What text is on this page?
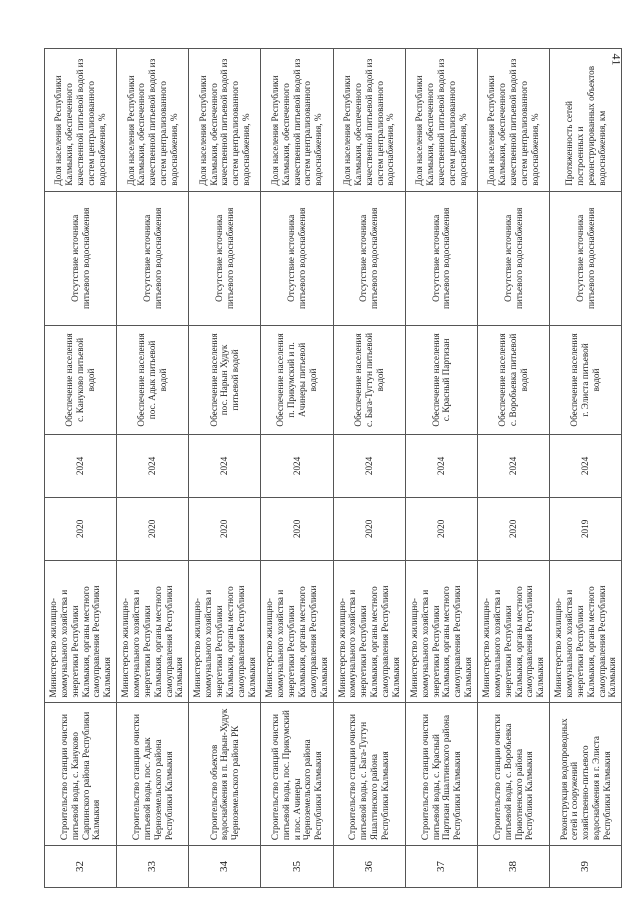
41
32	Строительство станции очистки питьевой воды, с. Кануково Сарпинского района Республики Калмыкия	Министерство жилищно-коммунального хозяйства и энергетики Республики Калмыкия, органы местного самоуправления Республики Калмыкия	2020	2024	Обеспечение населения с. Кануково питьевой водой	Отсутствие источника питьевого водоснабжения	Доля населения Республики Калмыкия, обеспеченного качественной питьевой водой из систем централизованного водоснабжения, %
33	Строительство станции очистки питьевой воды, пос. Адык Черноземельского района Республики Калмыкия	Министерство жилищно-коммунального хозяйства и энергетики Республики Калмыкия, органы местного самоуправления Республики Калмыкия	2020	2024	Обеспечение населения пос. Адык питьевой водой	Отсутствие источника питьевого водоснабжения	Доля населения Республики Калмыкия, обеспеченного качественной питьевой водой из систем централизованного водоснабжения, %
34	Строительство объектов водоснабжения в п. Нарын-Худук Черноземельского района РК	Министерство жилищно-коммунального хозяйства и энергетики Республики Калмыкия, органы местного самоуправления Республики Калмыкия	2020	2024	Обеспечение населения пос. Нарын Худук питьевой водой	Отсутствие источника питьевого водоснабжения	Доля населения Республики Калмыкия, обеспеченного качественной питьевой водой из систем централизованного водоснабжения, %
35	Строительство станций очистки питьевой воды, пос. Прикумский и пос. Ачинеры Черноземельского района Республики Калмыкия	Министерство жилищно-коммунального хозяйства и энергетики Республики Калмыкия, органы местного самоуправления Республики Калмыкия	2020	2024	Обеспечение населения п. Прикумский и п. Ачинеры питьевой водой	Отсутствие источника питьевого водоснабжения	Доля населения Республики Калмыкия, обеспеченного качественной питьевой водой из систем централизованного водоснабжения, %
36	Строительство станции очистки питьевой воды, с. Бага-Тугтун Яшалтинского района Республики Калмыкия	Министерство жилищно-коммунального хозяйства и энергетики Республики Калмыкия, органы местного самоуправления Республики Калмыкия	2020	2024	Обеспечение населения с. Бага-Тугтун питьевой водой	Отсутствие источника питьевого водоснабжения	Доля населения Республики Калмыкия, обеспеченного качественной питьевой водой из систем централизованного водоснабжения, %
37	Строительство станции очистки питьевой воды, с. Красный Партизан Яшалтинского района Республики Калмыкия	Министерство жилищно-коммунального хозяйства и энергетики Республики Калмыкия, органы местного самоуправления Республики Калмыкия	2020	2024	Обеспечение населения с. Красный Партизан	Отсутствие источника питьевого водоснабжения	Доля населения Республики Калмыкия, обеспеченного качественной питьевой водой из систем централизованного водоснабжения, %
38	Строительство станции очистки питьевой воды, с. Воробьевка Приютненского района Республики Калмыкия	Министерство жилищно-коммунального хозяйства и энергетики Республики Калмыкия, органы местного самоуправления Республики Калмыкия	2020	2024	Обеспечение населения с. Воробьевка питьевой водой	Отсутствие источника питьевого водоснабжения	Доля населения Республики Калмыкия, обеспеченного качественной питьевой водой из систем централизованного водоснабжения, %
39	Реконструкция водопроводных сетей и сооружений хозяйственно-питьевого водоснабжения в г. Элиста Республики Калмыкия	Министерство жилищно-коммунального хозяйства и энергетики Республики Калмыкия, органы местного самоуправления Республики Калмыкия	2019	2024	Обеспечение населения г. Элиста питьевой водой	Отсутствие источника питьевого водоснабжения	Протяженность сетей построенных и реконструированных объектов водоснабжения, км
